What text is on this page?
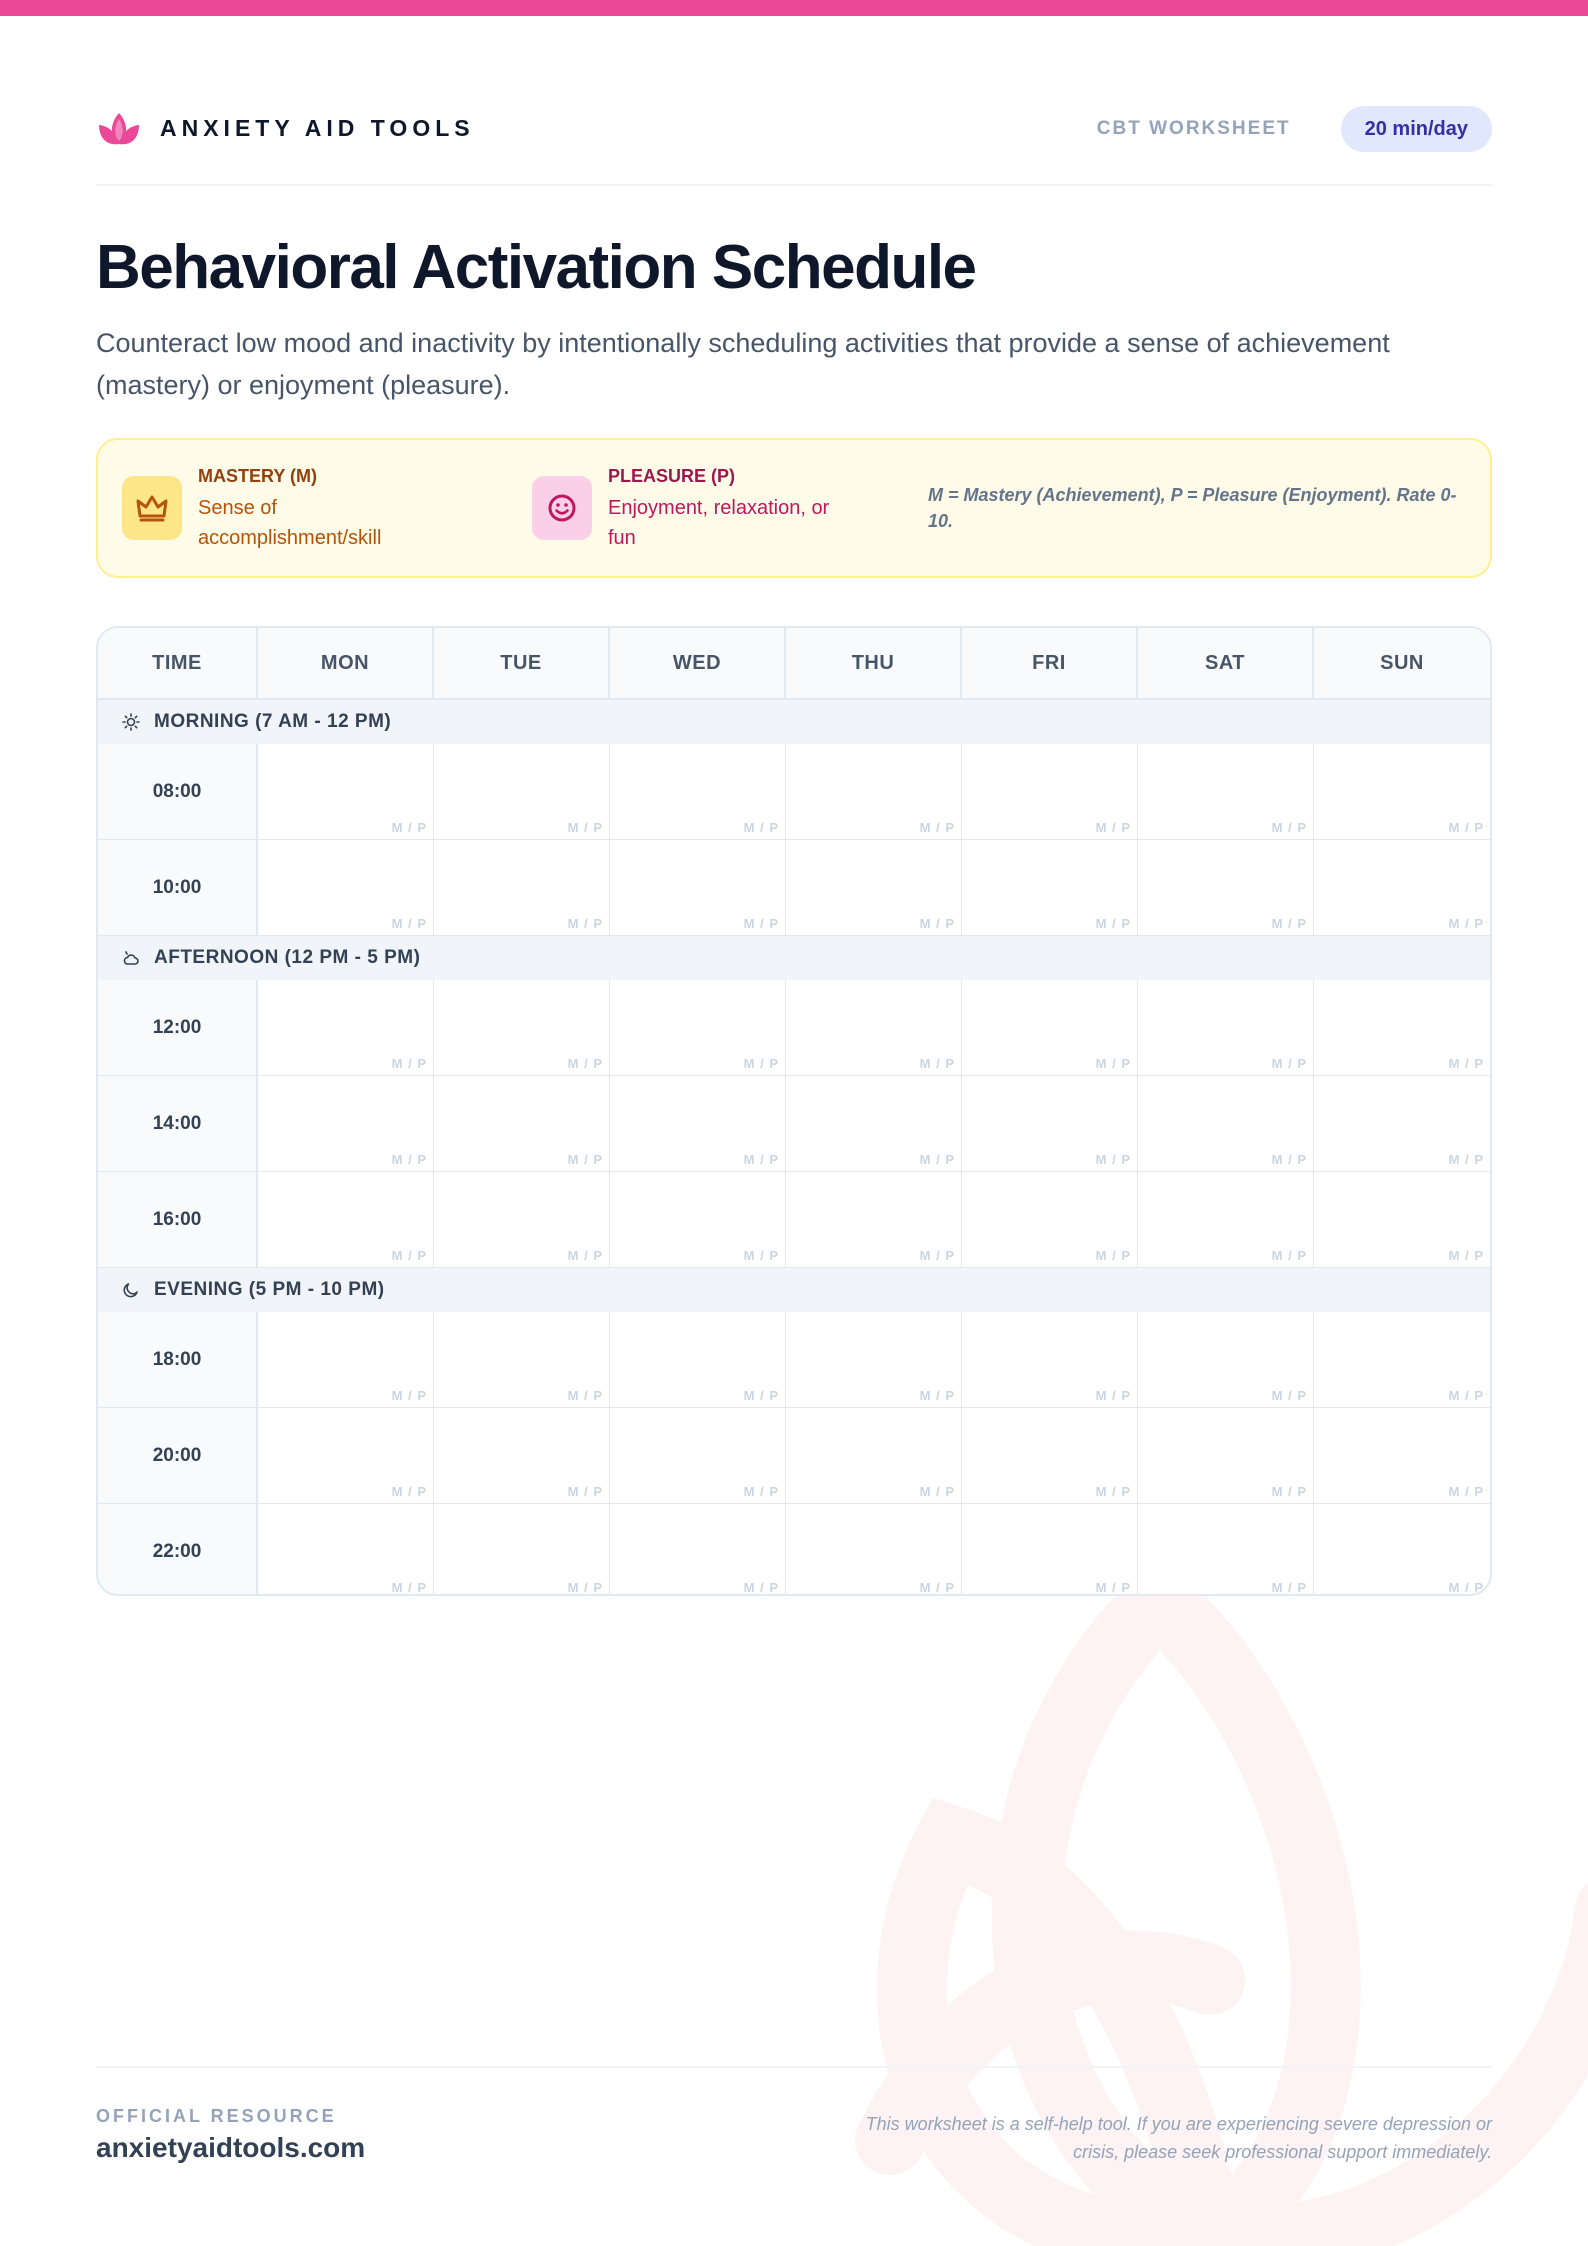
ANXIETY AID TOOLS	CBT WORKSHEET	20 min/day
Behavioral Activation Schedule

Counteract low mood and inactivity by intentionally scheduling activities that provide a sense of achievement (mastery) or enjoyment (pleasure).

MASTERY (M)
Sense of accomplishment/skill
PLEASURE (P)
Enjoyment, relaxation, or fun
M = Mastery (Achievement), P = Pleasure (Enjoyment). Rate 0-10.
TIME	MON	TUE	WED	THU	FRI	SAT	SUN
MORNING (7 AM - 12 PM)
08:00
M / P	M / P	M / P	M / P	M / P	M / P	M / P
10:00
M / P	M / P	M / P	M / P	M / P	M / P	M / P
AFTERNOON (12 PM - 5 PM)
12:00
M / P	M / P	M / P	M / P	M / P	M / P	M / P
14:00
M / P	M / P	M / P	M / P	M / P	M / P	M / P
16:00
M / P	M / P	M / P	M / P	M / P	M / P	M / P
EVENING (5 PM - 10 PM)
18:00
M / P	M / P	M / P	M / P	M / P	M / P	M / P
20:00
M / P	M / P	M / P	M / P	M / P	M / P	M / P
22:00
M / P	M / P	M / P	M / P	M / P	M / P	M / P
OFFICIAL RESOURCE
anxietyaidtools.com
This worksheet is a self-help tool. If you are experiencing severe depression or crisis, please seek professional support immediately.
